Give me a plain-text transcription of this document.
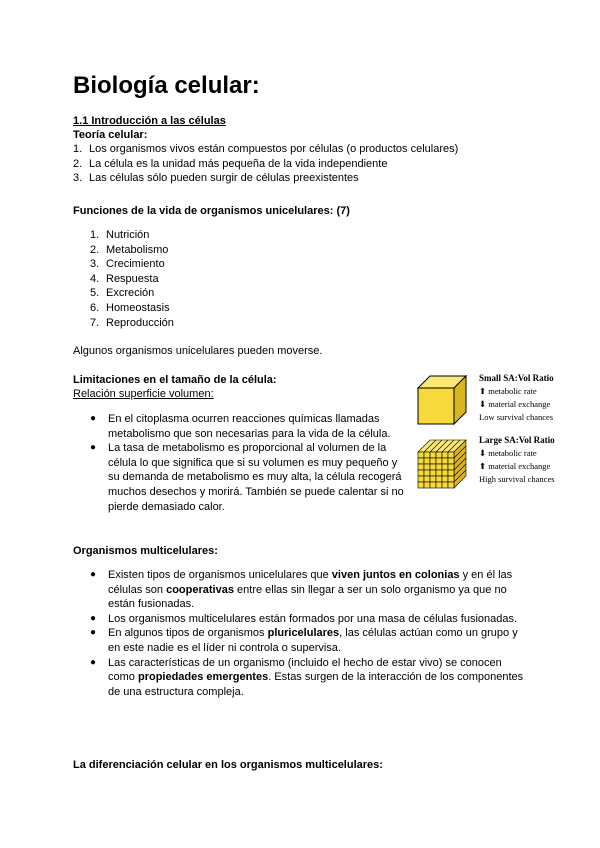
Biología celular:
1.1 Introducción a las células
Teoría celular:
1. Los organismos vivos están compuestos por células (o productos celulares)
2. La célula es la unidad más pequeña de la vida independiente
3. Las células sólo pueden surgir de células preexistentes
Funciones de la vida de organismos unicelulares: (7)
1. Nutrición
2. Metabolismo
3. Crecimiento
4. Respuesta
5. Excreción
6. Homeostasis
7. Reproducción
Algunos organismos unicelulares pueden moverse.
Limitaciones en el tamaño de la célula:
Relación superficie volumen:
● En el citoplasma ocurren reacciones químicas llamadas metabolismo que son necesarias para la vida de la célula.
● La tasa de metabolismo es proporcional al volumen de la célula lo que significa que si su volumen es muy pequeño y su demanda de metabolismo es muy alta, la célula recogerá muchos desechos y morirá. También se puede calentar si no pierde demasiado calor.
Small SA:Vol Ratio
⬆ metabolic rate
⬇ material exchange
Low survival chances
Large SA:Vol Ratio
⬇ metabolic rate
⬆ material exchange
High survival chances
Organismos multicelulares:
● Existen tipos de organismos unicelulares que viven juntos en colonias y en él las células son cooperativas entre ellas sin llegar a ser un solo organismo ya que no están fusionadas.
● Los organismos multicelulares están formados por una masa de células fusionadas.
● En algunos tipos de organismos pluricelulares, las células actúan como un grupo y en este nadie es el líder ni controla o supervisa.
● Las características de un organismo (incluido el hecho de estar vivo) se conocen como propiedades emergentes. Estas surgen de la interacción de los componentes de una estructura compleja.
La diferenciación celular en los organismos multicelulares:
